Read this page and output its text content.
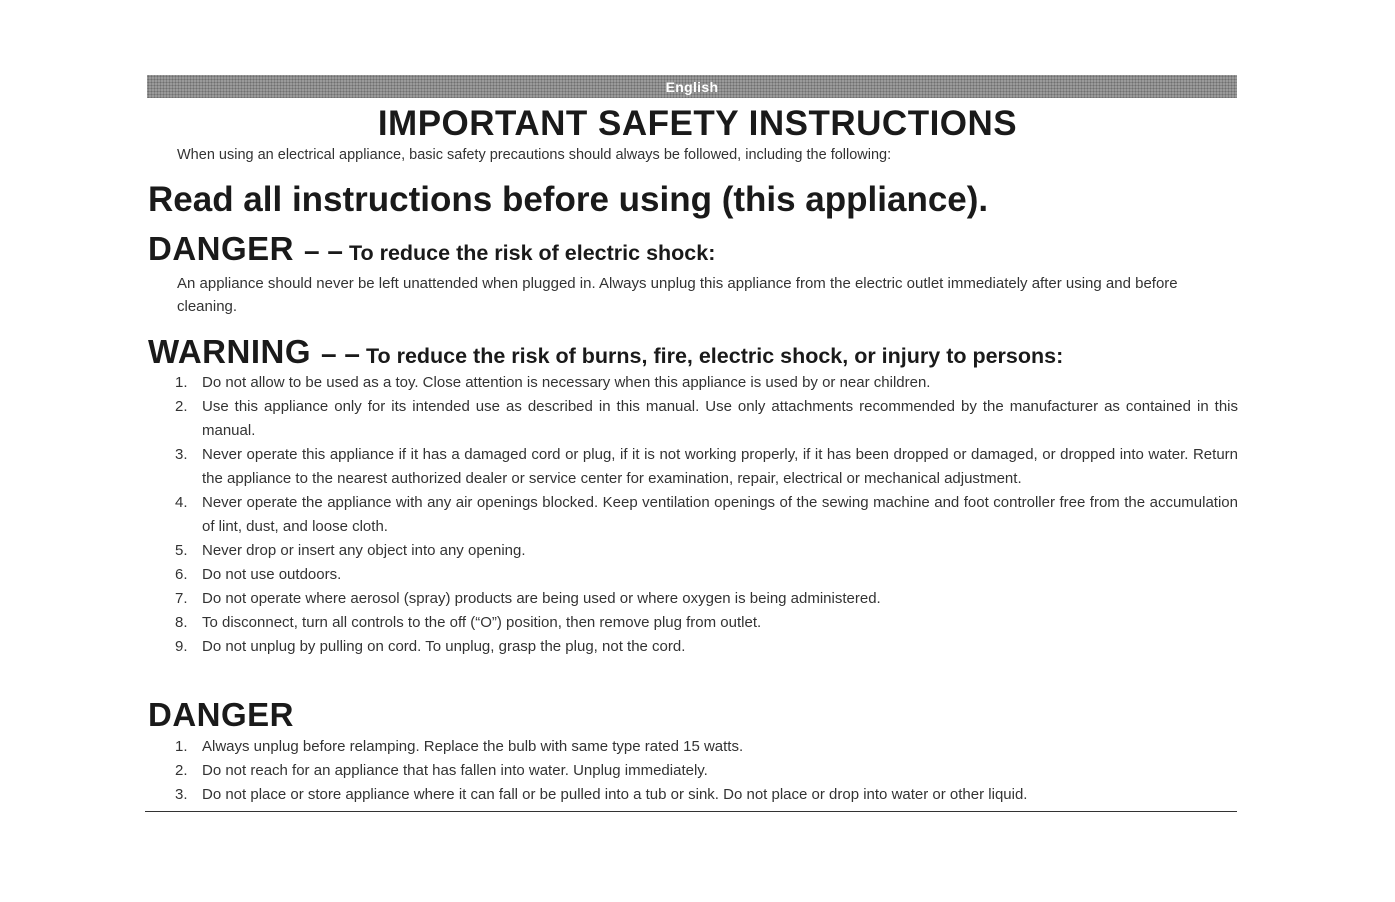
English
IMPORTANT SAFETY INSTRUCTIONS

When using an electrical appliance, basic safety precautions should always be followed, including the following:

Read all instructions before using (this appliance).
DANGER – – To reduce the risk of electric shock:

An appliance should never be left unattended when plugged in. Always unplug this appliance from the electric outlet immediately after using and before cleaning.

WARNING – – To reduce the risk of burns, fire, electric shock, or injury to persons:
1. Do not allow to be used as a toy. Close attention is necessary when this appliance is used by or near children.
2. Use this appliance only for its intended use as described in this manual. Use only attachments recommended by the manufacturer as contained in this manual.
3. Never operate this appliance if it has a damaged cord or plug, if it is not working properly, if it has been dropped or damaged, or dropped into water. Return the appliance to the nearest authorized dealer or service center for examination, repair, electrical or mechanical adjustment.
4. Never operate the appliance with any air openings blocked. Keep ventilation openings of the sewing machine and foot controller free from the accumulation of lint, dust, and loose cloth.
5. Never drop or insert any object into any opening.
6. Do not use outdoors.
7. Do not operate where aerosol (spray) products are being used or where oxygen is being administered.
8. To disconnect, turn all controls to the off (“O”) position, then remove plug from outlet.
9. Do not unplug by pulling on cord. To unplug, grasp the plug, not the cord.
DANGER
1. Always unplug before relamping. Replace the bulb with same type rated 15 watts.
2. Do not reach for an appliance that has fallen into water. Unplug immediately.
3. Do not place or store appliance where it can fall or be pulled into a tub or sink. Do not place or drop into water or other liquid.
